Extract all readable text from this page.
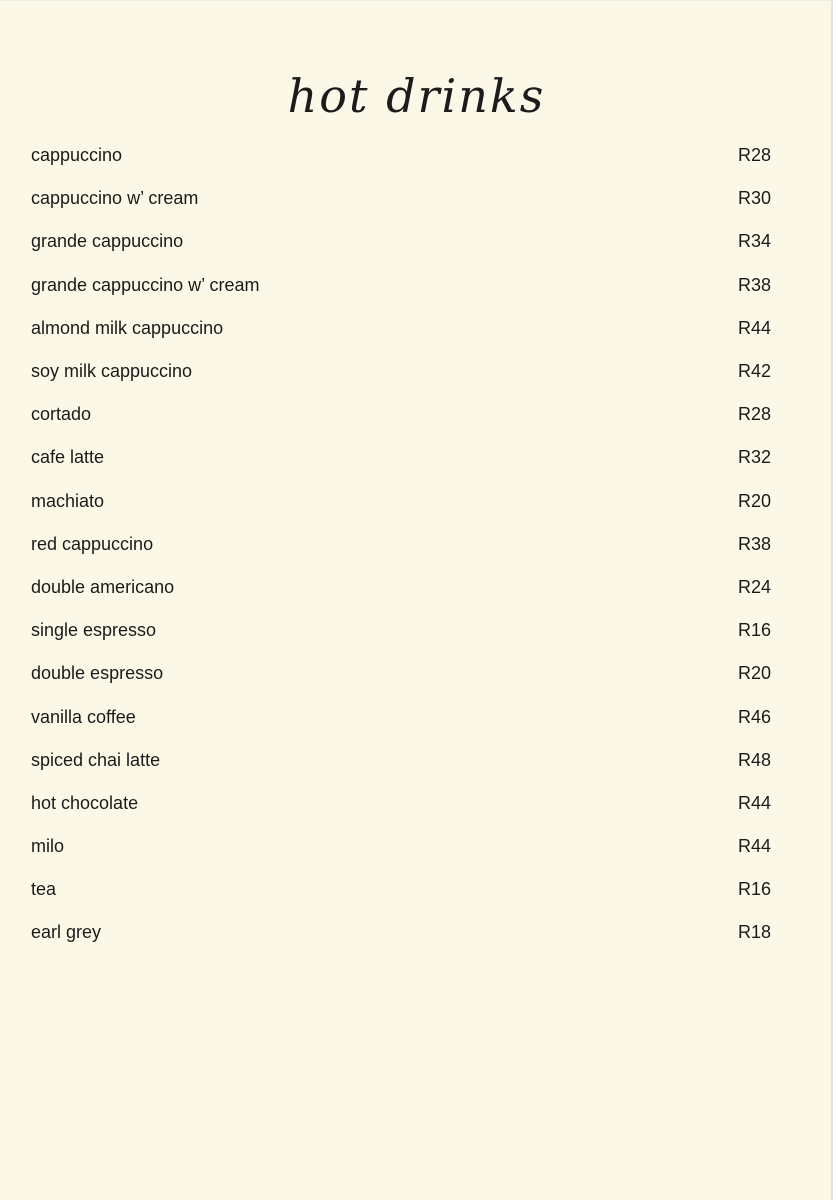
hot drinks
cappuccino	R28
cappuccino w’ cream	R30
grande cappuccino	R34
grande cappuccino w’ cream	R38
almond milk cappuccino	R44
soy milk cappuccino	R42
cortado	R28
cafe latte	R32
machiato	R20
red cappuccino	R38
double americano	R24
single espresso	R16
double espresso	R20
vanilla coffee	R46
spiced chai latte	R48
hot chocolate	R44
milo	R44
tea	R16
earl grey	R18
